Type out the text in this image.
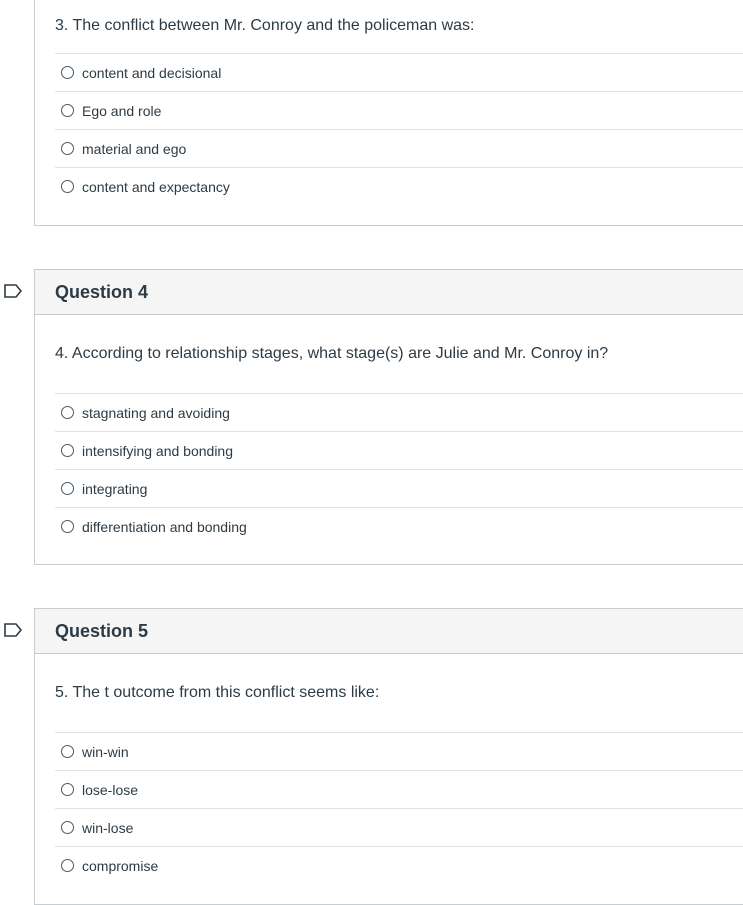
3. The conflict between Mr. Conroy and the policeman was:
content and decisional
Ego and role
material and ego
content and expectancy
Question 4
4. According to relationship stages, what stage(s) are Julie and Mr. Conroy in?
stagnating and avoiding
intensifying and bonding
integrating
differentiation and bonding
Question 5
5. The t outcome from this conflict seems like:
win-win
lose-lose
win-lose
compromise
